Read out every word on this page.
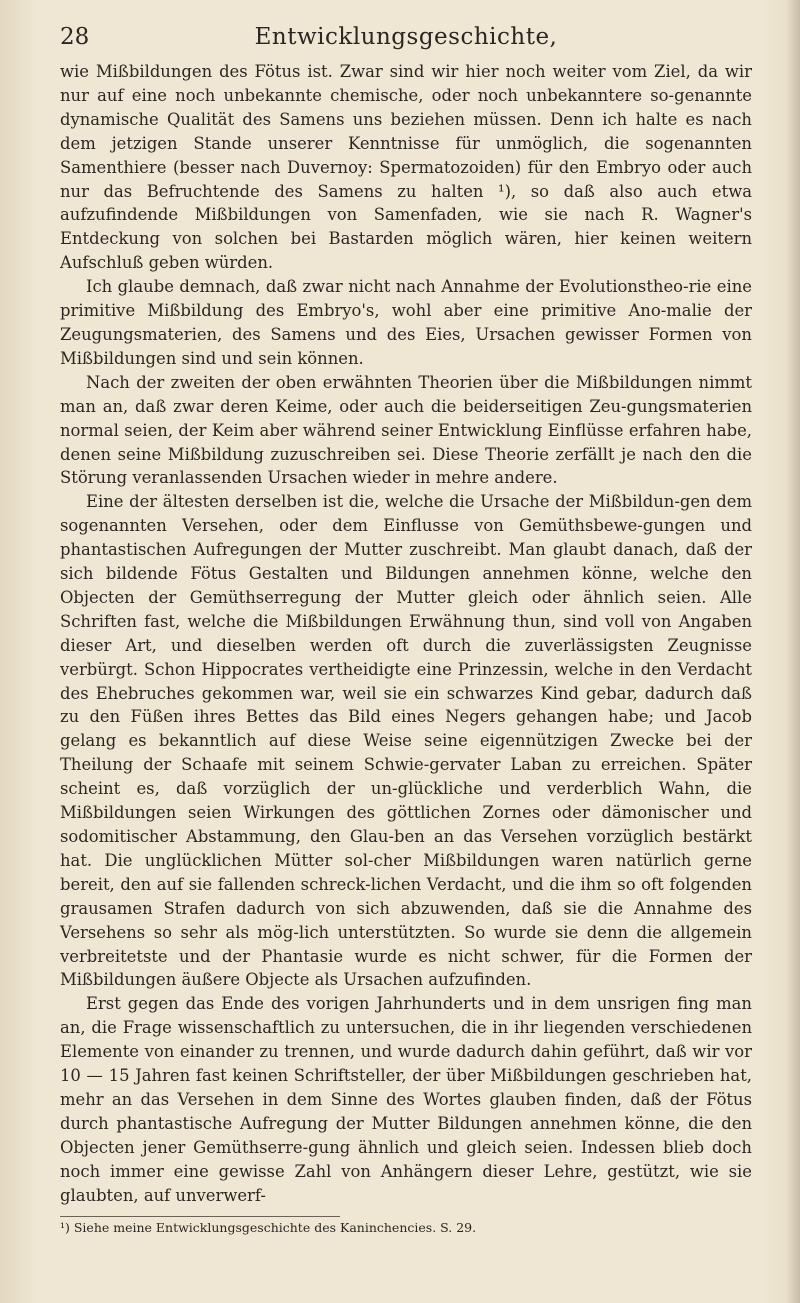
28	Entwicklungsgeschichte,

wie Mißbildungen des Fötus ist. Zwar sind wir hier noch weiter vom Ziel, da wir nur auf eine noch unbekannte chemische, oder noch unbekanntere so-genannte dynamische Qualität des Samens uns beziehen müssen. Denn ich halte es nach dem jetzigen Stande unserer Kenntnisse für unmöglich, die sogenannten Samenthiere (besser nach Duvernoy: Spermatozoiden) für den Embryo oder auch nur das Befruchtende des Samens zu halten ¹), so daß also auch etwa aufzufindende Mißbildungen von Samenfaden, wie sie nach R. Wagner's Entdeckung von solchen bei Bastarden möglich wären, hier keinen weitern Aufschluß geben würden.

Ich glaube demnach, daß zwar nicht nach Annahme der Evolutionstheo-rie eine primitive Mißbildung des Embryo's, wohl aber eine primitive Ano-malie der Zeugungsmaterien, des Samens und des Eies, Ursachen gewisser Formen von Mißbildungen sind und sein können.

Nach der zweiten der oben erwähnten Theorien über die Mißbildungen nimmt man an, daß zwar deren Keime, oder auch die beiderseitigen Zeu-gungsmaterien normal seien, der Keim aber während seiner Entwicklung Einflüsse erfahren habe, denen seine Mißbildung zuzuschreiben sei. Diese Theorie zerfällt je nach den die Störung veranlassenden Ursachen wieder in mehre andere.

Eine der ältesten derselben ist die, welche die Ursache der Mißbildun-gen dem sogenannten Versehen, oder dem Einflusse von Gemüthsbewe-gungen und phantastischen Aufregungen der Mutter zuschreibt. Man glaubt danach, daß der sich bildende Fötus Gestalten und Bildungen annehmen könne, welche den Objecten der Gemüthserregung der Mutter gleich oder ähnlich seien. Alle Schriften fast, welche die Mißbildungen Erwähnung thun, sind voll von Angaben dieser Art, und dieselben werden oft durch die zuverlässigsten Zeugnisse verbürgt. Schon Hippocrates vertheidigte eine Prinzessin, welche in den Verdacht des Ehebruches gekommen war, weil sie ein schwarzes Kind gebar, dadurch daß zu den Füßen ihres Bettes das Bild eines Negers gehangen habe; und Jacob gelang es bekanntlich auf diese Weise seine eigennützigen Zwecke bei der Theilung der Schaafe mit seinem Schwie-gervater Laban zu erreichen. Später scheint es, daß vorzüglich der un-glückliche und verderblich Wahn, die Mißbildungen seien Wirkungen des göttlichen Zornes oder dämonischer und sodomitischer Abstammung, den Glau-ben an das Versehen vorzüglich bestärkt hat. Die unglücklichen Mütter sol-cher Mißbildungen waren natürlich gerne bereit, den auf sie fallenden schreck-lichen Verdacht, und die ihm so oft folgenden grausamen Strafen dadurch von sich abzuwenden, daß sie die Annahme des Versehens so sehr als mög-lich unterstützten. So wurde sie denn die allgemein verbreitetste und der Phantasie wurde es nicht schwer, für die Formen der Mißbildungen äußere Objecte als Ursachen aufzufinden.

Erst gegen das Ende des vorigen Jahrhunderts und in dem unsrigen fing man an, die Frage wissenschaftlich zu untersuchen, die in ihr liegenden verschiedenen Elemente von einander zu trennen, und wurde dadurch dahin geführt, daß wir vor 10 — 15 Jahren fast keinen Schriftsteller, der über Mißbildungen geschrieben hat, mehr an das Versehen in dem Sinne des Wortes glauben finden, daß der Fötus durch phantastische Aufregung der Mutter Bildungen annehmen könne, die den Objecten jener Gemüthserre-gung ähnlich und gleich seien. Indessen blieb doch noch immer eine gewisse Zahl von Anhängern dieser Lehre, gestützt, wie sie glaubten, auf unverwerf-

¹) Siehe meine Entwicklungsgeschichte des Kaninchencies. S. 29.
